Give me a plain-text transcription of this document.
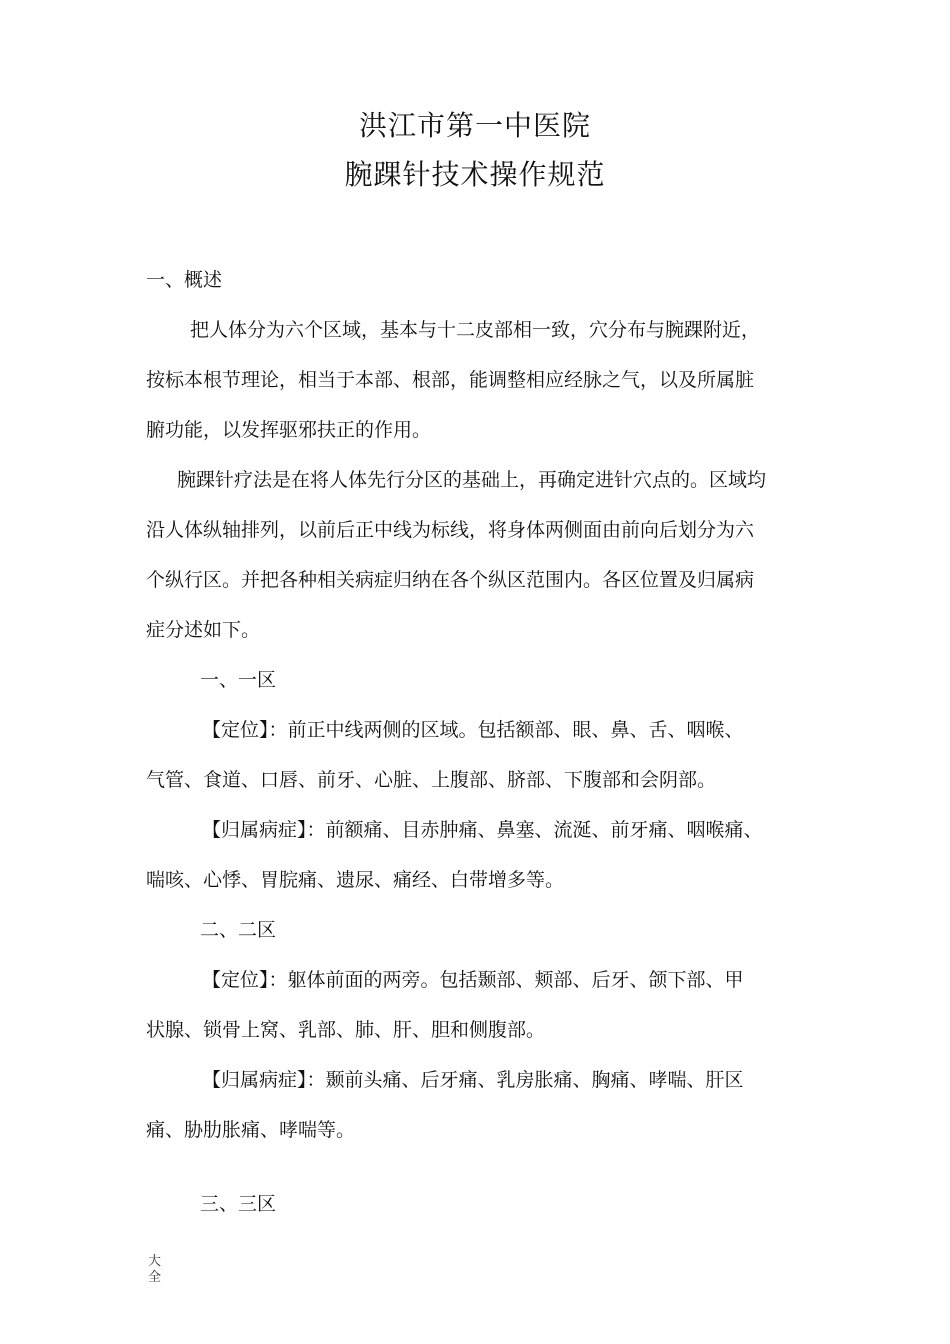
洪江市第一中医院
腕踝针技术操作规范
一、概述
把人体分为六个区域，基本与十二皮部相一致，穴分布与腕踝附近，
按标本根节理论，相当于本部、根部，能调整相应经脉之气，以及所属脏
腑功能，以发挥驱邪扶正的作用。
腕踝针疗法是在将人体先行分区的基础上，再确定进针穴点的。区域均
沿人体纵轴排列，以前后正中线为标线，将身体两侧面由前向后划分为六
个纵行区。并把各种相关病症归纳在各个纵区范围内。各区位置及归属病
症分述如下。
一、一区
【定位】：前正中线两侧的区域。包括额部、眼、鼻、舌、咽喉、
气管、食道、口唇、前牙、心脏、上腹部、脐部、下腹部和会阴部。
【归属病症】：前额痛、目赤肿痛、鼻塞、流涎、前牙痛、咽喉痛、
喘咳、心悸、胃脘痛、遗尿、痛经、白带增多等。
二、二区
【定位】：躯体前面的两旁。包括颞部、颊部、后牙、颌下部、甲
状腺、锁骨上窝、乳部、肺、肝、胆和侧腹部。
【归属病症】：颞前头痛、后牙痛、乳房胀痛、胸痛、哮喘、肝区
痛、胁肋胀痛、哮喘等。
三、三区
大全
